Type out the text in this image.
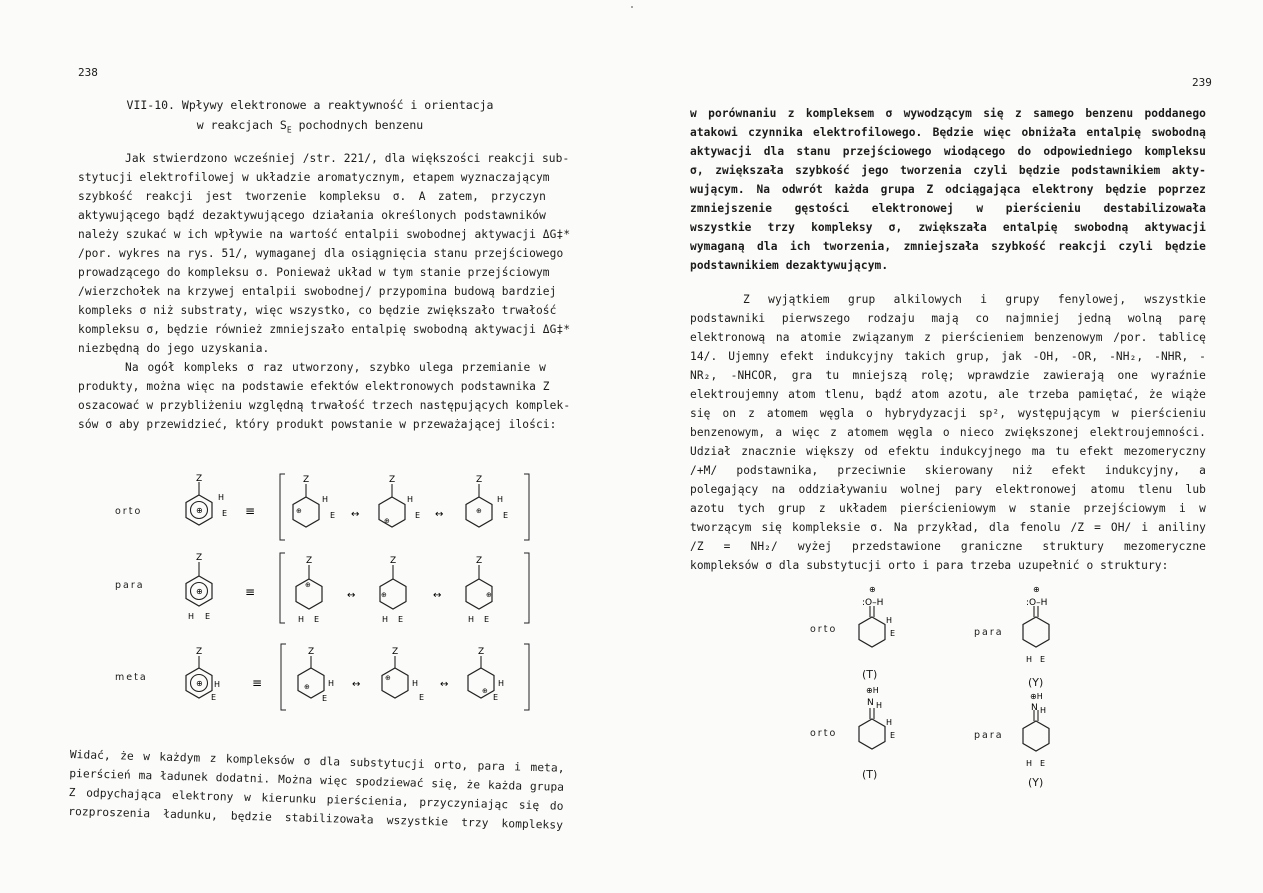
238
VII-10. Wpływy elektronowe a reaktywność i orientacja
w reakcjach $S_E$ pochodnych benzenu
Jak stwierdzono wcześniej /str. 221/, dla większości reakcji sub-
stytucji elektrofilowej w układzie aromatycznym, etapem wyznaczającym
szybkość reakcji jest tworzenie kompleksu σ. A zatem, przyczyn
aktywującego bądź dezaktywującego działania określonych podstawników
należy szukać w ich wpływie na wartość entalpii swobodnej aktywacji ΔG‡*
/por. wykres na rys. 51/, wymaganej dla osiągnięcia stanu przejściowego
prowadzącego do kompleksu σ. Ponieważ układ w tym stanie przejściowym
/wierzchołek na krzywej entalpii swobodnej/ przypomina budową bardziej
kompleks σ niż substraty, więc wszystko, co będzie zwiększało trwałość
kompleksu σ, będzie również zmniejszało entalpię swobodną aktywacji ΔG‡*
niezbędną do jego uzyskania.
Na ogół kompleks σ raz utworzony, szybko ulega przemianie w
produkty, można więc na podstawie efektów elektronowych podstawnika Z
oszacować w przybliżeniu względną trwałość trzech następujących komplek-
sów σ aby przewidzieć, który produkt powstanie w przeważającej ilości:
orto
para
meta
Z
⊕
H
E ≡
Z
⊕
H
E ↔
Z
⊕
H
E ↔
Z
⊕
H
E
Z
⊕
H E
≡
Z
⊕
H E
↔
Z
⊕
H E
↔
Z
⊕
H E
Z
⊕ H
E
≡
Z
⊕ H
E
↔
Z
⊕
H
E
↔
Z
⊕
H
E
Widać, że w każdym z kompleksów σ dla substytucji orto, para i meta,
pierścień ma ładunek dodatni. Można więc spodziewać się, że każda grupa
Z odpychająca elektrony w kierunku pierścienia, przyczyniając się do
rozproszenia ładunku, będzie stabilizowała wszystkie trzy kompleksy
239
w porównaniu z kompleksem σ wywodzącym się z samego benzenu poddanego
atakowi czynnika elektrofilowego. Będzie więc obniżała entalpię swobodną
aktywacji dla stanu przejściowego wiodącego do odpowiedniego kompleksu
σ, zwiększała szybkość jego tworzenia czyli będzie podstawnikiem akty-
wującym. Na odwrót każda grupa Z odciągająca elektrony będzie poprzez
zmniejszenie gęstości elektronowej w pierścieniu destabilizowała
wszystkie trzy kompleksy σ, zwiększała entalpię swobodną aktywacji
wymaganą dla ich tworzenia, zmniejszała szybkość reakcji czyli będzie
podstawnikiem dezaktywującym.
Z wyjątkiem grup alkilowych i grupy fenylowej, wszystkie
podstawniki pierwszego rodzaju mają co najmniej jedną wolną parę
elektronową na atomie związanym z pierścieniem benzenowym /por. tablicę
14/. Ujemny efekt indukcyjny takich grup, jak -OH, -OR, -NH₂, -NHR, -
NR₂, -NHCOR, gra tu mniejszą rolę; wprawdzie zawierają one wyraźnie
elektroujemny atom tlenu, bądź atom azotu, ale trzeba pamiętać, że wiąże
się on z atomem węgla o hybrydyzacji sp², występującym w pierścieniu
benzenowym, a więc z atomem węgla o nieco zwiększonej elektroujemności.
Udział znacznie większy od efektu indukcyjnego ma tu efekt mezomeryczny
/+M/ podstawnika, przeciwnie skierowany niż efekt indukcyjny, a
polegający na oddziaływaniu wolnej pary elektronowej atomu tlenu lub
azotu tych grup z układem pierścieniowym w stanie przejściowym i w
tworzącym się kompleksie σ. Na przykład, dla fenolu /Z = OH/ i aniliny
/Z = NH₂/ wyżej przedstawione graniczne struktury mezomeryczne
kompleksów σ dla substytucji orto i para trzeba uzupełnić o struktury:
orto	para
orto	para
(T)
(Y)
(T)
(Y)
⊕
:O–H
H
E
⊕
:O–H
H E
⊕H
N H
H
E
⊕H
N H
H E
